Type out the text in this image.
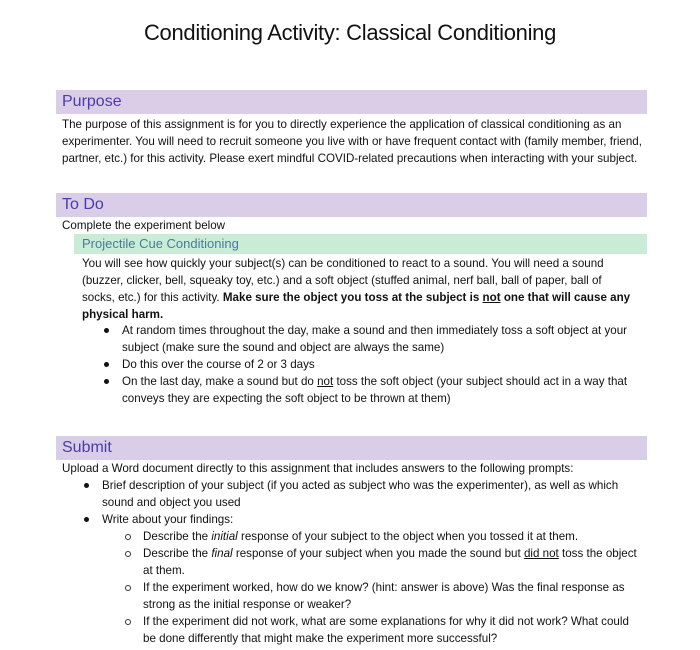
Conditioning Activity: Classical Conditioning
Purpose

The purpose of this assignment is for you to directly experience the application of classical conditioning as an experimenter. You will need to recruit someone you live with or have frequent contact with (family member, friend, partner, etc.) for this activity. Please exert mindful COVID-related precautions when interacting with your subject.

To Do
Complete the experiment below
Projectile Cue Conditioning

You will see how quickly your subject(s) can be conditioned to react to a sound. You will need a sound (buzzer, clicker, bell, squeaky toy, etc.) and a soft object (stuffed animal, nerf ball, ball of paper, ball of socks, etc.) for this activity. Make sure the object you toss at the subject is not one that will cause any physical harm.

At random times throughout the day, make a sound and then immediately toss a soft object at your subject (make sure the sound and object are always the same)
Do this over the course of 2 or 3 days
On the last day, make a sound but do not toss the soft object (your subject should act in a way that conveys they are expecting the soft object to be thrown at them)
Submit
Upload a Word document directly to this assignment that includes answers to the following prompts:
Brief description of your subject (if you acted as subject who was the experimenter), as well as which sound and object you used
Write about your findings:
Describe the initial response of your subject to the object when you tossed it at them.
Describe the final response of your subject when you made the sound but did not toss the object at them.
If the experiment worked, how do we know? (hint: answer is above) Was the final response as strong as the initial response or weaker?
If the experiment did not work, what are some explanations for why it did not work? What could be done differently that might make the experiment more successful?
